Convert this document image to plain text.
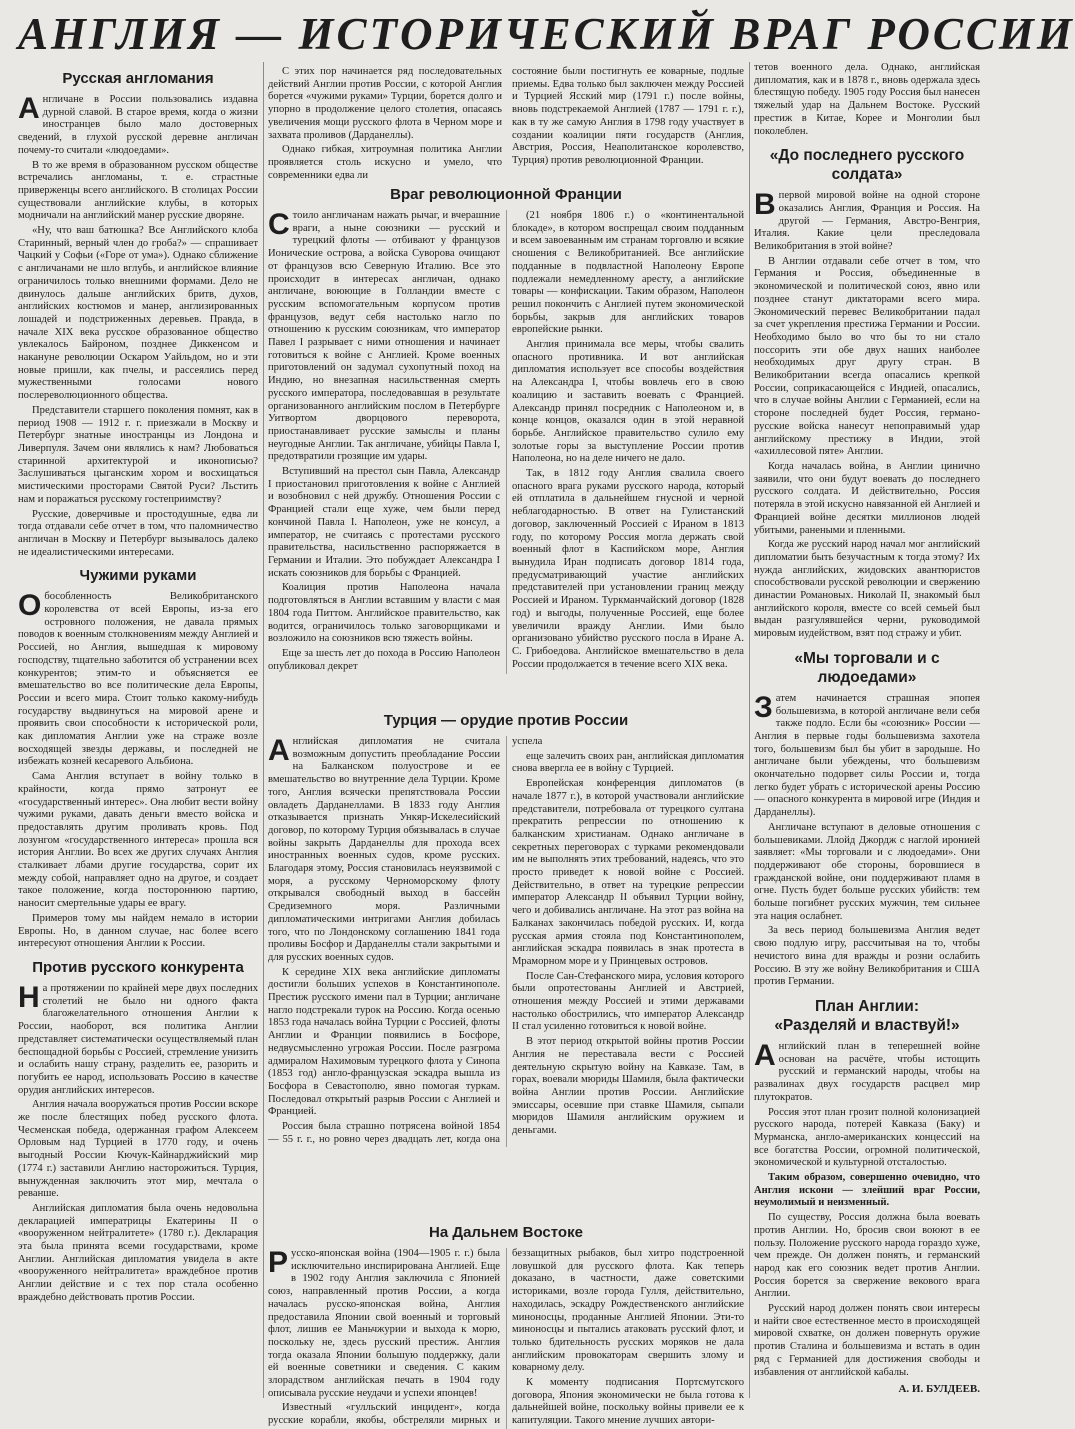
АНГЛИЯ — ИСТОРИЧЕСКИЙ ВРАГ РОССИИ
Русская англомания

Англичане в России пользовались издавна дурной славой. В старое время, когда о жизни иностранцев было мало достоверных сведений, в глухой русской деревне англичан почему-то считали «людоедами».

В то же время в образованном русском обществе встречались англоманы, т. е. страстные приверженцы всего английского. В столицах России существовали английские клубы, в которых модничали на английский манер русские дворяне.

«Ну, что ваш батюшка? Все Английского клоба Старинный, верный член до гроба?» — спрашивает Чацкий у Софьи («Горе от ума»). Однако сближение с англичанами не шло вглубь, и английское влияние ограничилось только внешними формами. Дело не двинулось дальше английских бритв, духов, английских костюмов и манер, англизированных лошадей и подстриженных деревьев. Правда, в начале XIX века русское образованное общество увлекалось Байроном, позднее Диккенсом и накануне революции Оскаром Уайльдом, но и эти новые пришли, как пчелы, и рассеялись перед мужественными голосами нового послереволюционного общества.

Представители старшего поколения помнят, как в период 1908 — 1912 г. г. приезжали в Москву и Петербург знатные иностранцы из Лондона и Ливерпуля. Зачем они являлись к нам? Любоваться старинной архитектурой и иконописью? Заслушиваться цыганским хором и восхищаться мистическими просторами Святой Руси? Льстить нам и поражаться русскому гостеприимству?

Русские, доверчивые и простодушные, едва ли тогда отдавали себе отчет в том, что паломничество англичан в Москву и Петербург вызывалось далеко не идеалистическими интересами.

Чужими руками

Обособленность Великобританского королевства от всей Европы, из-за его островного положения, не давала прямых поводов к военным столкновениям между Англией и Россией, но Англия, вышедшая к мировому господству, тщательно заботится об устранении всех конкурентов; этим-то и объясняется ее вмешательство во все политические дела Европы, России и всего мира. Стоит только какому-нибудь государству выдвинуться на мировой арене и проявить свои способности к исторической роли, как дипломатия Англии уже на страже возле восходящей звезды державы, и последней не избежать козней кесаревого Альбиона.

Сама Англия вступает в войну только в крайности, когда прямо затронут ее «государственный интерес». Она любит вести войну чужими руками, давать деньги вместо войска и предоставлять другим проливать кровь. Под лозунгом «государственного интереса» прошла вся история Англии. Во всех же других случаях Англия сталкивает лбами другие государства, сорит их между собой, направляет одно на другое, и создает такое положение, когда постороннюю партию, наносит смертельные удары ее врагу.

Примеров тому мы найдем немало в истории Европы. Но, в данном случае, нас более всего интересуют отношения Англии к России.

Против русского конкурента

На протяжении по крайней мере двух последних столетий не было ни одного факта благожелательного отношения Англии к России, наоборот, вся политика Англии представляет систематически осуществляемый план беспощадной борьбы с Россией, стремление унизить и ослабить нашу страну, разделить ее, разорить и погубить ее народ, использовать Россию в качестве орудия английских интересов.

Англия начала вооружаться против России вскоре же после блестящих побед русского флота. Чесменская победа, одержанная графом Алексеем Орловым над Турцией в 1770 году, и очень выгодный России Кючук-Кайнарджийский мир (1774 г.) заставили Англию насторожиться. Турция, вынужденная заключить этот мир, мечтала о реванше.

Английская дипломатия была очень недовольна декларацией императрицы Екатерины II о «вооруженном нейтралитете» (1780 г.). Декларация эта была принята всеми государствами, кроме Англии. Английская дипломатия увидела в акте «вооруженного нейтралитета» враждебное против Англии действие и с тех пор стала особенно враждебно действовать против России.

С этих пор начинается ряд последовательных действий Англии против России, с которой Англия борется «чужими руками» Турции, борется долго и упорно в продолжение целого столетия, опасаясь увеличения мощи русского флота в Черном море и захвата проливов (Дарданеллы).

Однако гибкая, хитроумная политика Англии проявляется столь искусно и умело, что современники едва ли

состояние были постигнуть ее коварные, подлые приемы. Едва только был заключен между Россией и Турцией Ясский мир (1791 г.) после войны, вновь подстрекаемой Англией (1787 — 1791 г. г.), как в ту же самую Англия в 1798 году участвует в создании коалиции пяти государств (Англия, Австрия, Россия, Неаполитанское королевство, Турция) против революционной Франции.

Враг революционной Франции

Стоило англичанам нажать рычаг, и вчерашние враги, а ныне союзники — русский и турецкий флоты — отбивают у французов Ионические острова, а войска Суворова очищают от французов всю Северную Италию. Все это происходит в интересах англичан, однако англичане, воюющие в Голландии вместе с русским вспомогательным корпусом против французов, ведут себя настолько нагло по отношению к русским союзникам, что император Павел I разрывает с ними отношения и начинает готовиться к войне с Англией. Кроме военных приготовлений он задумал сухопутный поход на Индию, но внезапная насильственная смерть русского императора, последовавшая в результате организованного английским послом в Петербурге Уитвортом дворцового переворота, приостанавливает русские замыслы и планы неугодные Англии. Так англичане, убийцы Павла I, предотвратили грозящие им удары.

Вступивший на престол сын Павла, Александр I приостановил приготовления к войне с Англией и возобновил с ней дружбу. Отношения России с Францией стали еще хуже, чем были перед кончиной Павла I. Наполеон, уже не консул, а император, не считаясь с протестами русского правительства, насильственно распоряжается в Германии и Италии. Это побуждает Александра I искать союзников для борьбы с Францией.

Коалиция против Наполеона начала подготовляться в Англии вставшим у власти с мая 1804 года Питтом. Английское правительство, как водится, ограничилось только заговорщиками и возложило на союзников всю тяжесть войны.

Еще за шесть лет до похода в Россию Наполеон опубликовал декрет

(21 ноября 1806 г.) о «континентальной блокаде», в котором воспрещал своим подданным и всем завоеванным им странам торговлю и всякие сношения с Великобританией. Все английские подданные в подвластной Наполеону Европе подлежали немедленному аресту, а английские товары — конфискации. Таким образом, Наполеон решил покончить с Англией путем экономической борьбы, закрыв для английских товаров европейские рынки.

Англия принимала все меры, чтобы свалить опасного противника. И вот английская дипломатия использует все способы воздействия на Александра I, чтобы вовлечь его в свою коалицию и заставить воевать с Францией. Александр принял посредник с Наполеоном и, в конце концов, оказался один в этой неравной борьбе. Английское правительство сулило ему золотые горы за выступление России против Наполеона, но на деле ничего не дало.

Так, в 1812 году Англия свалила своего опасного врага руками русского народа, который ей отплатила в дальнейшем гнусной и черной неблагодарностью. В ответ на Гулистанский договор, заключенный Россией с Ираном в 1813 году, по которому Россия могла держать свой военный флот в Каспийском море, Англия вынудила Иран подписать договор 1814 года, предусматривающий участие английских представителей при установлении границ между Россией и Ираном. Туркманчайский договор (1828 год) и выгоды, полученные Россией, еще более увеличили вражду Англии. Ими было организовано убийство русского посла в Иране А. С. Грибоедова. Английское вмешательство в дела России продолжается в течение всего XIX века.

Турция — орудие против России

Английская дипломатия не считала возможным допустить преобладание России на Балканском полуострове и ее вмешательство во внутренние дела Турции. Кроме того, Англия всячески препятствовала России овладеть Дарданеллами. В 1833 году Англия отказывается признать Ункяр-Искелесийский договор, по которому Турция обязывалась в случае войны закрыть Дарданеллы для прохода всех иностранных военных судов, кроме русских. Благодаря этому, Россия становилась неуязвимой с моря, а русскому Черноморскому флоту открывался свободный выход в бассейн Средиземного моря. Различными дипломатическими интригами Англия добилась того, что по Лондонскому соглашению 1841 года проливы Босфор и Дарданеллы стали закрытыми и для русских военных судов.

К середине XIX века английские дипломаты достигли больших успехов в Константинополе. Престиж русского имени пал в Турции; англичане нагло подстрекали турок на Россию. Когда осенью 1853 года началась война Турции с Россией, флоты Англии и Франции появились в Босфоре, недвусмысленно угрожая России. После разгрома адмиралом Нахимовым турецкого флота у Синопа (1853 год) англо-французская эскадра вышла из Босфора в Севастополю, явно помогая туркам. Последовал открытый разрыв России с Англией и Францией.

Россия была страшно потрясена войной 1854 — 55 г. г., но ровно через двадцать лет, когда она успела

еще залечить своих ран, английская дипломатия снова ввергла ее в войну с Турцией.

Европейская конференция дипломатов (в начале 1877 г.), в которой участвовали английские представители, потребовала от турецкого султана прекратить репрессии по отношению к балканским христианам. Однако англичане в секретных переговорах с турками рекомендовали им не выполнять этих требований, надеясь, что это просто приведет к новой войне с Россией. Действительно, в ответ на турецкие репрессии император Александр II объявил Турции войну, чего и добивались англичане. На этот раз война на Балканах закончилась победой русских. И, когда русская армия стояла под Константинополем, английская эскадра появилась в знак протеста в Мраморном море и у Принцевых островов.

После Сан-Стефанского мира, условия которого были опротестованы Англией и Австрией, отношения между Россией и этими державами настолько обострились, что император Александр II стал усиленно готовиться к новой войне.

В этот период открытой войны против России Англия не переставала вести с Россией деятельную скрытую войну на Кавказе. Там, в горах, воевали мюриды Шамиля, была фактически война Англии против России. Английские эмиссары, осевшие при ставке Шамиля, сыпали мюридов Шамиля английским оружием и деньгами.

На Дальнем Востоке

Русско-японская война (1904—1905 г. г.) была исключительно инспирирована Англией. Еще в 1902 году Англия заключила с Японией союз, направленный против России, а когда началась русско-японская война, Англия предоставила Японии свой военный и торговый флот, лишив ее Маньчжурии и выхода к морю, поскольку не, здесь русский престиж. Англия тогда оказала Японии большую поддержку, дали ей военные советники и сведения. С каким злорадством английская печать в 1904 году описывала русские неудачи и успехи японцев!

Известный «гулльский инцидент», когда русские корабли, якобы, обстреляли мирных и беззащитных рыбаков, был хитро подстроенной ловушкой для русского флота. Как теперь доказано, в частности, даже советскими историками, возле города Гулля, действительно, находилась, эскадру Рождественского английские миноносцы, проданные Англией Японии. Эти-то миноносцы и пытались атаковать русский флот, и только бдительность русских моряков не дала английским провокаторам свершить злому и коварному делу.

К моменту подписания Портсмутского договора, Япония экономически не была готова к дальнейшей войне, поскольку войны привели ее к капитуляции. Такого мнение лучших автори-

тетов военного дела. Однако, английская дипломатия, как и в 1878 г., вновь одержала здесь блестящую победу. 1905 году Россия был нанесен тяжелый удар на Дальнем Востоке. Русский престиж в Китае, Корее и Монголии был поколеблен.

«До последнего русского солдата»

Впервой мировой войне на одной стороне оказались Англия, Франция и Россия. На другой — Германия, Австро-Венгрия, Италия. Какие цели преследовала Великобритания в этой войне?

В Англии отдавали себе отчет в том, что Германия и Россия, объединенные в экономической и политической союз, явно или позднее станут диктаторами всего мира. Экономический перевес Великобритании падал за счет укрепления престижа Германии и России. Необходимо было во что бы то ни стало поссорить эти обе двух наших наиболее необходимых друг другу стран. В Великобритании всегда опасались крепкой России, соприкасающейся с Индией, опасались, что в случае войны Англии с Германией, если на стороне последней будет Россия, германо-русские войска нанесут непоправимый удар английскому престижу в Индии, этой «ахиллесовой пяте» Англии.

Когда началась война, в Англии цинично заявили, что они будут воевать до последнего русского солдата. И действительно, Россия потеряла в этой искусно навязанной ей Англией и Францией войне десятки миллионов людей убитыми, ранеными и пленными.

Когда же русский народ начал мог английский дипломатии быть безучастным к тогда этому? Их нужда английских, жидовских авантюристов способствовали русской революции и свержению династии Романовых. Николай II, знакомый был английского короля, вместе со всей семьей был выдан разгулявшейся черни, руководимой мировым иудейством, взят под стражу и убит.

«Мы торговали и с людоедами»

Затем начинается страшная эпопея большевизма, в которой англичане вели себя также подло. Если бы «союзник» России — Англия в первые годы большевизма захотела того, большевизм был бы убит в зародыше. Но англичане были убеждены, что большевизм окончательно подорвет силы России и, тогда легко будет убрать с исторической арены Россию — опасного конкурента в мировой игре (Индия и Дарданеллы).

Англичане вступают в деловые отношения с большевиками. Ллойд Джордж с наглой иронией заявляет: «Мы торговали и с людоедами». Они поддерживают обе стороны, боровшиеся в гражданской войне, они поддерживают пламя в огне. Пусть будет больше русских убийств: тем больше погибнет русских мужчин, тем сильнее эта нация ослабнет.

За весь период большевизма Англия ведет свою подлую игру, рассчитывая на то, чтобы нечистого вина для вражды и розни ослабить Россию. В эту же войну Великобритания и США против Германии.

План Англии:
«Разделяй и властвуй!»

Английский план в теперешней войне основан на расчёте, чтобы истощить русский и германский народы, чтобы на развалинах двух государств расцвел мир плутократов.

Россия этот план грозит полной колонизацией русского народа, потерей Кавказа (Баку) и Мурманска, англо-американских концессий на все богатства России, огромной политической, экономической и культурной отсталостью.

Таким образом, совершенно очевидно, что Англия искони — злейший враг России, неумолимый и неизменный.

По существу, Россия должна была воевать против Англии. Но, бросив свои воюют в ее пользу. Положение русского народа гораздо хуже, чем прежде. Он должен понять, и германский народ как его союзник ведет против Англии. Россия борется за свержение векового врага Англии.

Русский народ должен понять свои интересы и найти свое естественное место в происходящей мировой схватке, он должен повернуть оружие против Сталина и большевизма и встать в один ряд с Германией для достижения свободы и избавления от английской кабалы.

А. И. БУЛДЕЕВ.
